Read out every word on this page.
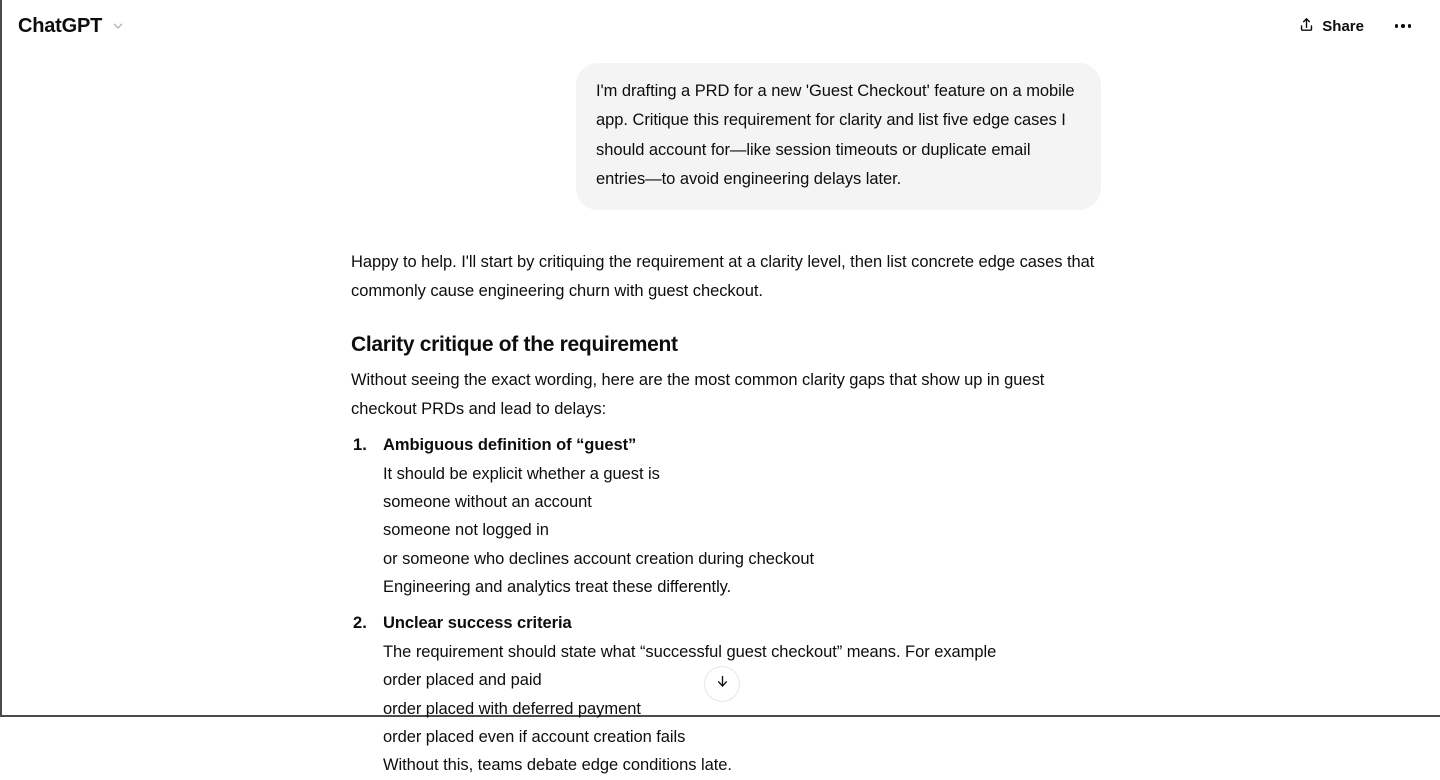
ChatGPT	Share
I'm drafting a PRD for a new 'Guest Checkout' feature on a mobile app. Critique this requirement for clarity and list five edge cases I should account for—like session timeouts or duplicate email entries—to avoid engineering delays later.

Happy to help. I'll start by critiquing the requirement at a clarity level, then list concrete edge cases that commonly cause engineering churn with guest checkout.

Clarity critique of the requirement

Without seeing the exact wording, here are the most common clarity gaps that show up in guest checkout PRDs and lead to delays:

Ambiguous definition of “guest”
It should be explicit whether a guest is
someone without an account
someone not logged in
or someone who declines account creation during checkout
Engineering and analytics treat these differently.
Unclear success criteria
The requirement should state what “successful guest checkout” means. For example
order placed and paid
order placed with deferred payment
order placed even if account creation fails
Without this, teams debate edge conditions late.
